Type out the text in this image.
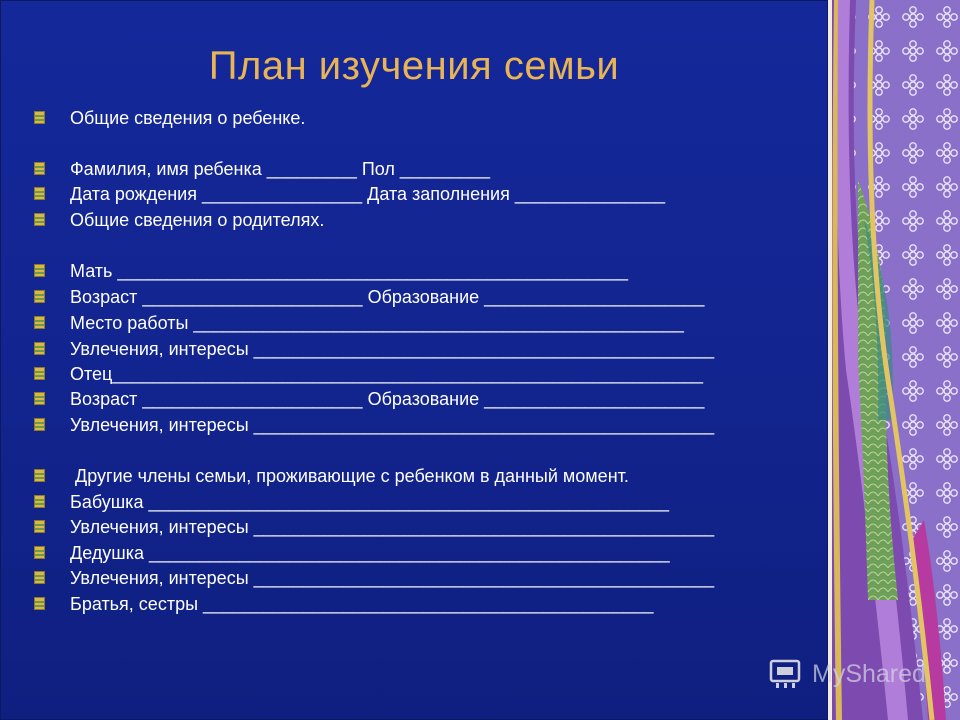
План изучения семьи
Общие сведения о ребенке.
Фамилия, имя ребенка _________ Пол _________
Дата рождения ________________ Дата заполнения _______________
Общие сведения о родителях.
Мать ___________________________________________________
Возраст ______________________ Образование ______________________
Место работы _________________________________________________
Увлечения, интересы ______________________________________________
Отец___________________________________________________________
Возраст ______________________ Образование ______________________
Увлечения, интересы ______________________________________________
Другие члены семьи, проживающие с ребенком в данный момент.
Бабушка ____________________________________________________
Увлечения, интересы ______________________________________________
Дедушка ____________________________________________________
Увлечения, интересы ______________________________________________
Братья, сестры _____________________________________________
MyShared
